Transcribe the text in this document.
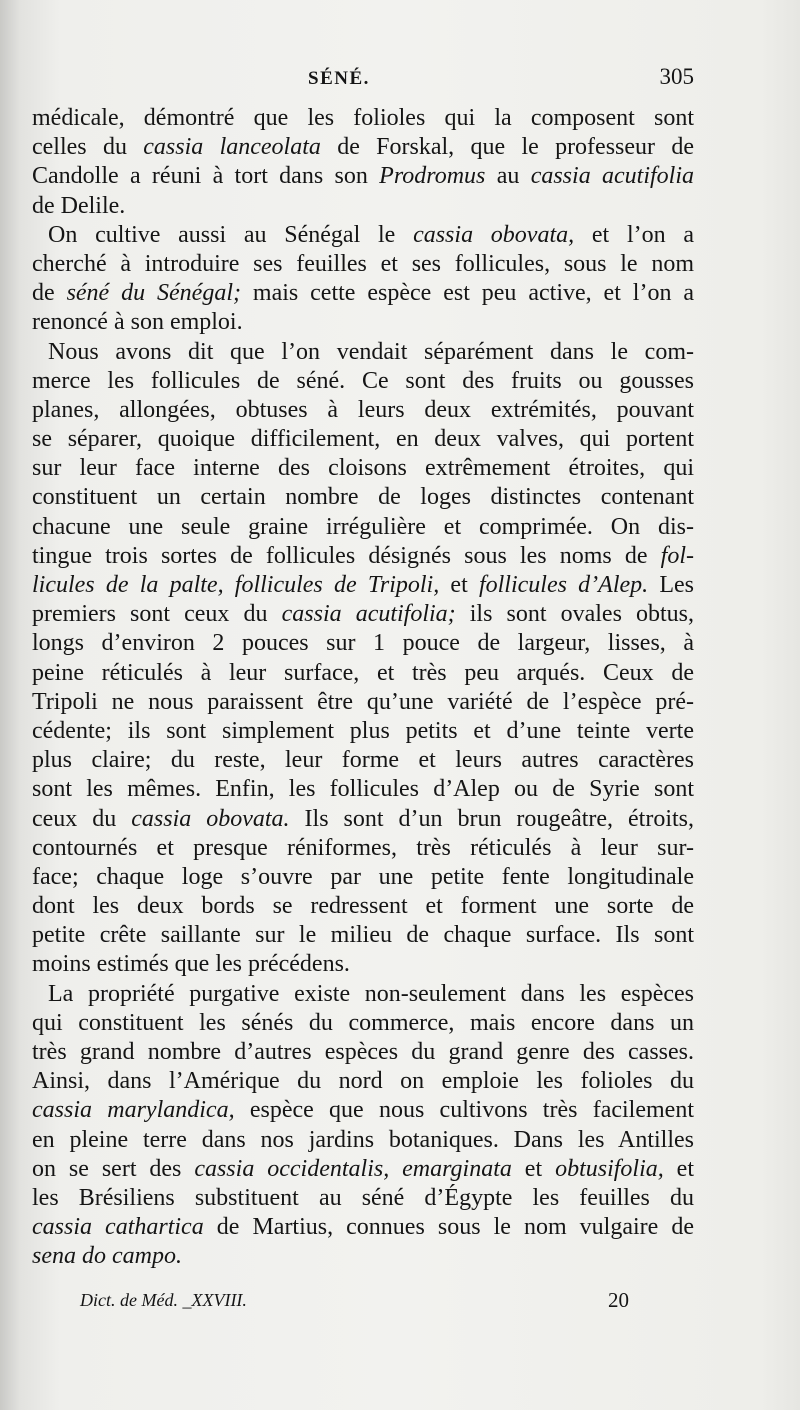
SÉNÉ.	305
médicale, démontré que les folioles qui la composent sont
celles du cassia lanceolata de Forskal, que le professeur de
Candolle a réuni à tort dans son Prodromus au cassia acutifolia
de Delile.
On cultive aussi au Sénégal le cassia obovata, et l’on a
cherché à introduire ses feuilles et ses follicules, sous le nom
de séné du Sénégal; mais cette espèce est peu active, et l’on a
renoncé à son emploi.
Nous avons dit que l’on vendait séparément dans le com-
merce les follicules de séné. Ce sont des fruits ou gousses
planes, allongées, obtuses à leurs deux extrémités, pouvant
se séparer, quoique difficilement, en deux valves, qui portent
sur leur face interne des cloisons extrêmement étroites, qui
constituent un certain nombre de loges distinctes contenant
chacune une seule graine irrégulière et comprimée. On dis-
tingue trois sortes de follicules désignés sous les noms de fol-
licules de la palte, follicules de Tripoli, et follicules d’Alep. Les
premiers sont ceux du cassia acutifolia; ils sont ovales obtus,
longs d’environ 2 pouces sur 1 pouce de largeur, lisses, à
peine réticulés à leur surface, et très peu arqués. Ceux de
Tripoli ne nous paraissent être qu’une variété de l’espèce pré-
cédente; ils sont simplement plus petits et d’une teinte verte
plus claire; du reste, leur forme et leurs autres caractères
sont les mêmes. Enfin, les follicules d’Alep ou de Syrie sont
ceux du cassia obovata. Ils sont d’un brun rougeâtre, étroits,
contournés et presque réniformes, très réticulés à leur sur-
face; chaque loge s’ouvre par une petite fente longitudinale
dont les deux bords se redressent et forment une sorte de
petite crête saillante sur le milieu de chaque surface. Ils sont
moins estimés que les précédens.
La propriété purgative existe non-seulement dans les espèces
qui constituent les sénés du commerce, mais encore dans un
très grand nombre d’autres espèces du grand genre des casses.
Ainsi, dans l’Amérique du nord on emploie les folioles du
cassia marylandica, espèce que nous cultivons très facilement
en pleine terre dans nos jardins botaniques. Dans les Antilles
on se sert des cassia occidentalis, emarginata et obtusifolia, et
les Brésiliens substituent au séné d’Égypte les feuilles du
cassia cathartica de Martius, connues sous le nom vulgaire de
sena do campo.
Dict. de Méd. _XXVIII.	20
